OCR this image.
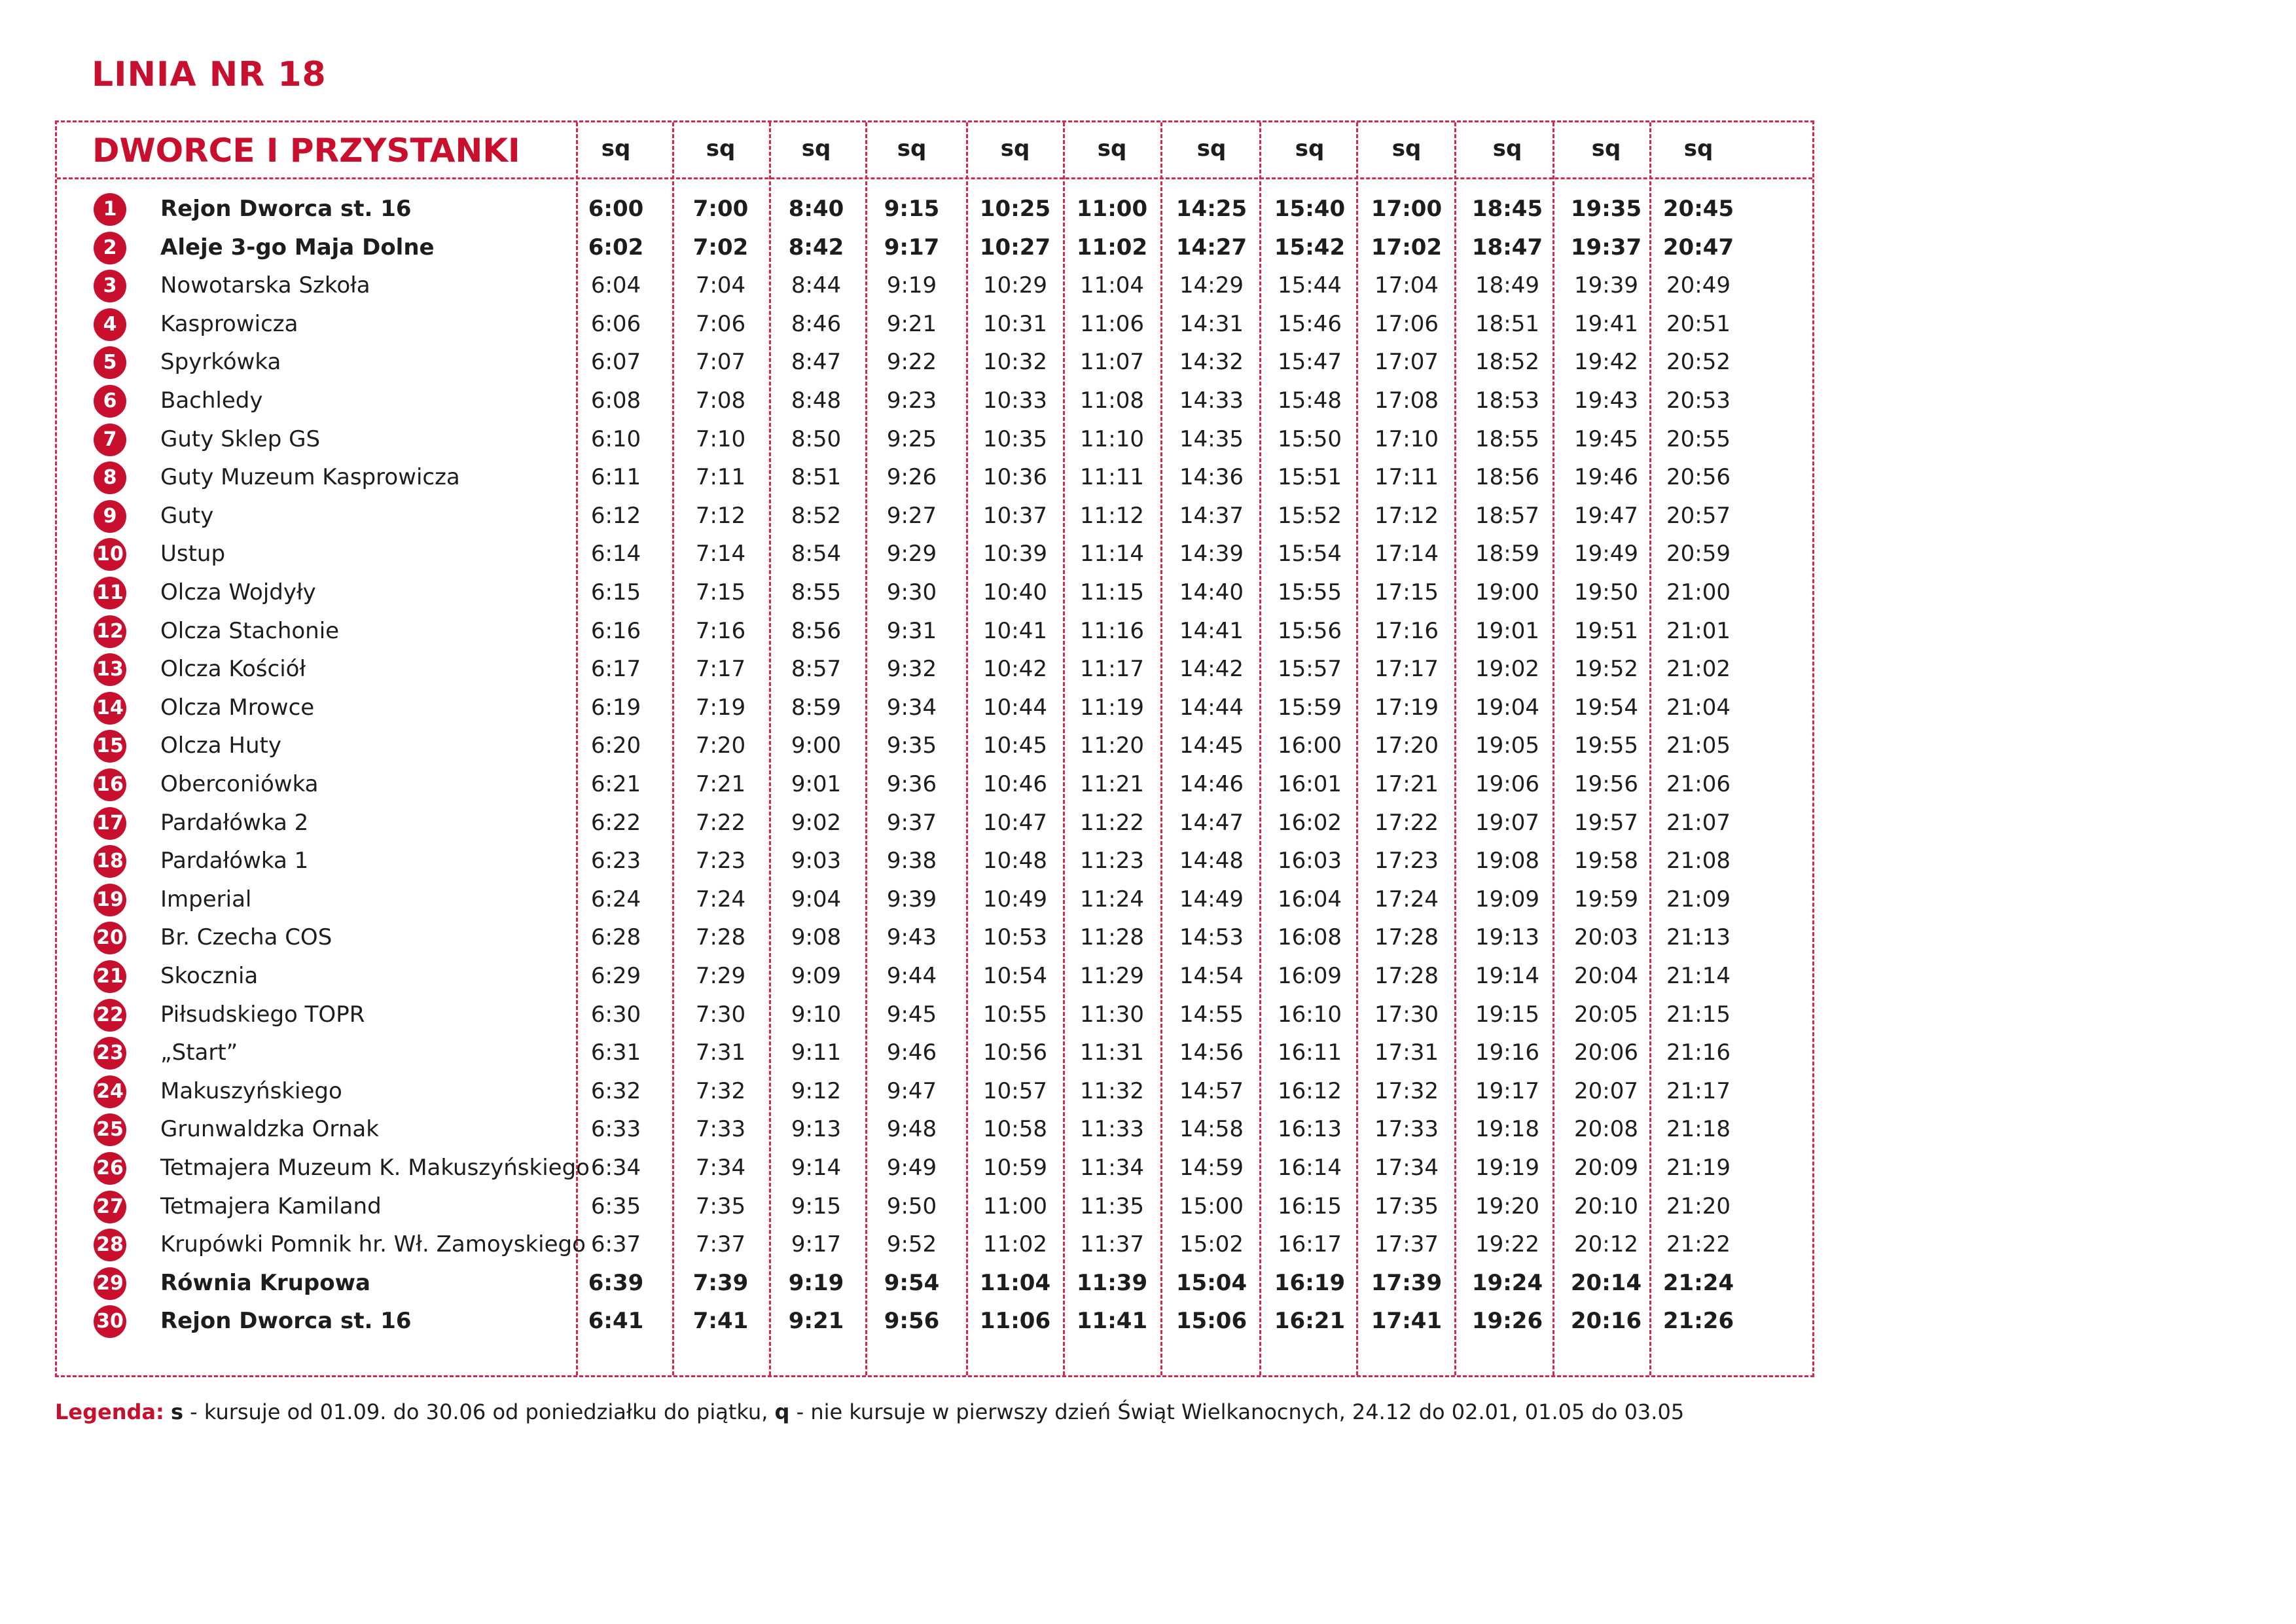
LINIA NR 18
DWORCE I PRZYSTANKI	sq	sq	sq	sq	sq	sq	sq	sq	sq	sq	sq	sq
1	Rejon Dworca st. 16	6:00	7:00	8:40	9:15	10:25	11:00	14:25	15:40	17:00	18:45	19:35 20:45
2	Aleje 3-go Maja Dolne	6:02	7:02	8:42	9:17	10:27	11:02	14:27	15:42	17:02	18:47	19:37 20:47
3	Nowotarska Szkoła	6:04	7:04	8:44	9:19	10:29	11:04	14:29	15:44	17:04	18:49	19:39	20:49
4	Kasprowicza	6:06	7:06	8:46	9:21	10:31	11:06	14:31	15:46	17:06	18:51	19:41	20:51
5	Spyrkówka	6:07	7:07	8:47	9:22	10:32	11:07	14:32	15:47	17:07	18:52	19:42	20:52
6	Bachledy	6:08	7:08	8:48	9:23	10:33	11:08	14:33	15:48	17:08	18:53	19:43	20:53
7	Guty Sklep GS	6:10	7:10	8:50	9:25	10:35	11:10	14:35	15:50	17:10	18:55	19:45	20:55
8	Guty Muzeum Kasprowicza	6:11	7:11	8:51	9:26	10:36	11:11	14:36	15:51	17:11	18:56	19:46	20:56
9	Guty	6:12	7:12	8:52	9:27	10:37	11:12	14:37	15:52	17:12	18:57	19:47	20:57
10 Ustup	6:14	7:14	8:54	9:29	10:39	11:14	14:39	15:54	17:14	18:59	19:49	20:59
11 Olcza Wojdyły	6:15	7:15	8:55	9:30	10:40	11:15	14:40	15:55	17:15	19:00	19:50	21:00
12 Olcza Stachonie	6:16	7:16	8:56	9:31	10:41	11:16	14:41	15:56	17:16	19:01	19:51	21:01
13 Olcza Kościół	6:17	7:17	8:57	9:32	10:42	11:17	14:42	15:57	17:17	19:02	19:52	21:02
14 Olcza Mrowce	6:19	7:19	8:59	9:34	10:44	11:19	14:44	15:59	17:19	19:04	19:54	21:04
15 Olcza Huty	6:20	7:20	9:00	9:35	10:45	11:20	14:45	16:00	17:20	19:05	19:55	21:05
16 Oberconiówka	6:21	7:21	9:01	9:36	10:46	11:21	14:46	16:01	17:21	19:06	19:56	21:06
17 Pardałówka 2	6:22	7:22	9:02	9:37	10:47	11:22	14:47	16:02	17:22	19:07	19:57	21:07
18 Pardałówka 1	6:23	7:23	9:03	9:38	10:48	11:23	14:48	16:03	17:23	19:08	19:58	21:08
19 Imperial	6:24	7:24	9:04	9:39	10:49	11:24	14:49	16:04	17:24	19:09	19:59	21:09
20 Br. Czecha COS	6:28	7:28	9:08	9:43	10:53	11:28	14:53	16:08	17:28	19:13	20:03	21:13
21 Skocznia	6:29	7:29	9:09	9:44	10:54	11:29	14:54	16:09	17:28	19:14	20:04	21:14
22 Piłsudskiego TOPR	6:30	7:30	9:10	9:45	10:55	11:30	14:55	16:10	17:30	19:15	20:05	21:15
23 „Start”	6:31	7:31	9:11	9:46	10:56	11:31	14:56	16:11	17:31	19:16	20:06	21:16
24 Makuszyńskiego	6:32	7:32	9:12	9:47	10:57	11:32	14:57	16:12	17:32	19:17	20:07	21:17
25 Grunwaldzka Ornak	6:33	7:33	9:13	9:48	10:58	11:33	14:58	16:13	17:33	19:18	20:08	21:18
26 Tetmajera Muzeum K. Makuszyńskiego 6:34	7:34	9:14	9:49	10:59	11:34	14:59	16:14	17:34	19:19	20:09	21:19
27 Tetmajera Kamiland	6:35	7:35	9:15	9:50	11:00	11:35	15:00	16:15	17:35	19:20	20:10	21:20
28 Krupówki Pomnik hr. Wł. Zamoyskiego 6:37	7:37	9:17	9:52	11:02	11:37	15:02	16:17	17:37	19:22	20:12	21:22
29 Równia Krupowa	6:39	7:39	9:19	9:54	11:04	11:39	15:04	16:19	17:39	19:24	20:14 21:24
30 Rejon Dworca st. 16	6:41	7:41	9:21	9:56	11:06	11:41	15:06	16:21	17:41	19:26	20:16 21:26
Legenda: s - kursuje od 01.09. do 30.06 od poniedziałku do piątku, q - nie kursuje w pierwszy dzień Świąt Wielkanocnych, 24.12 do 02.01, 01.05 do 03.05
